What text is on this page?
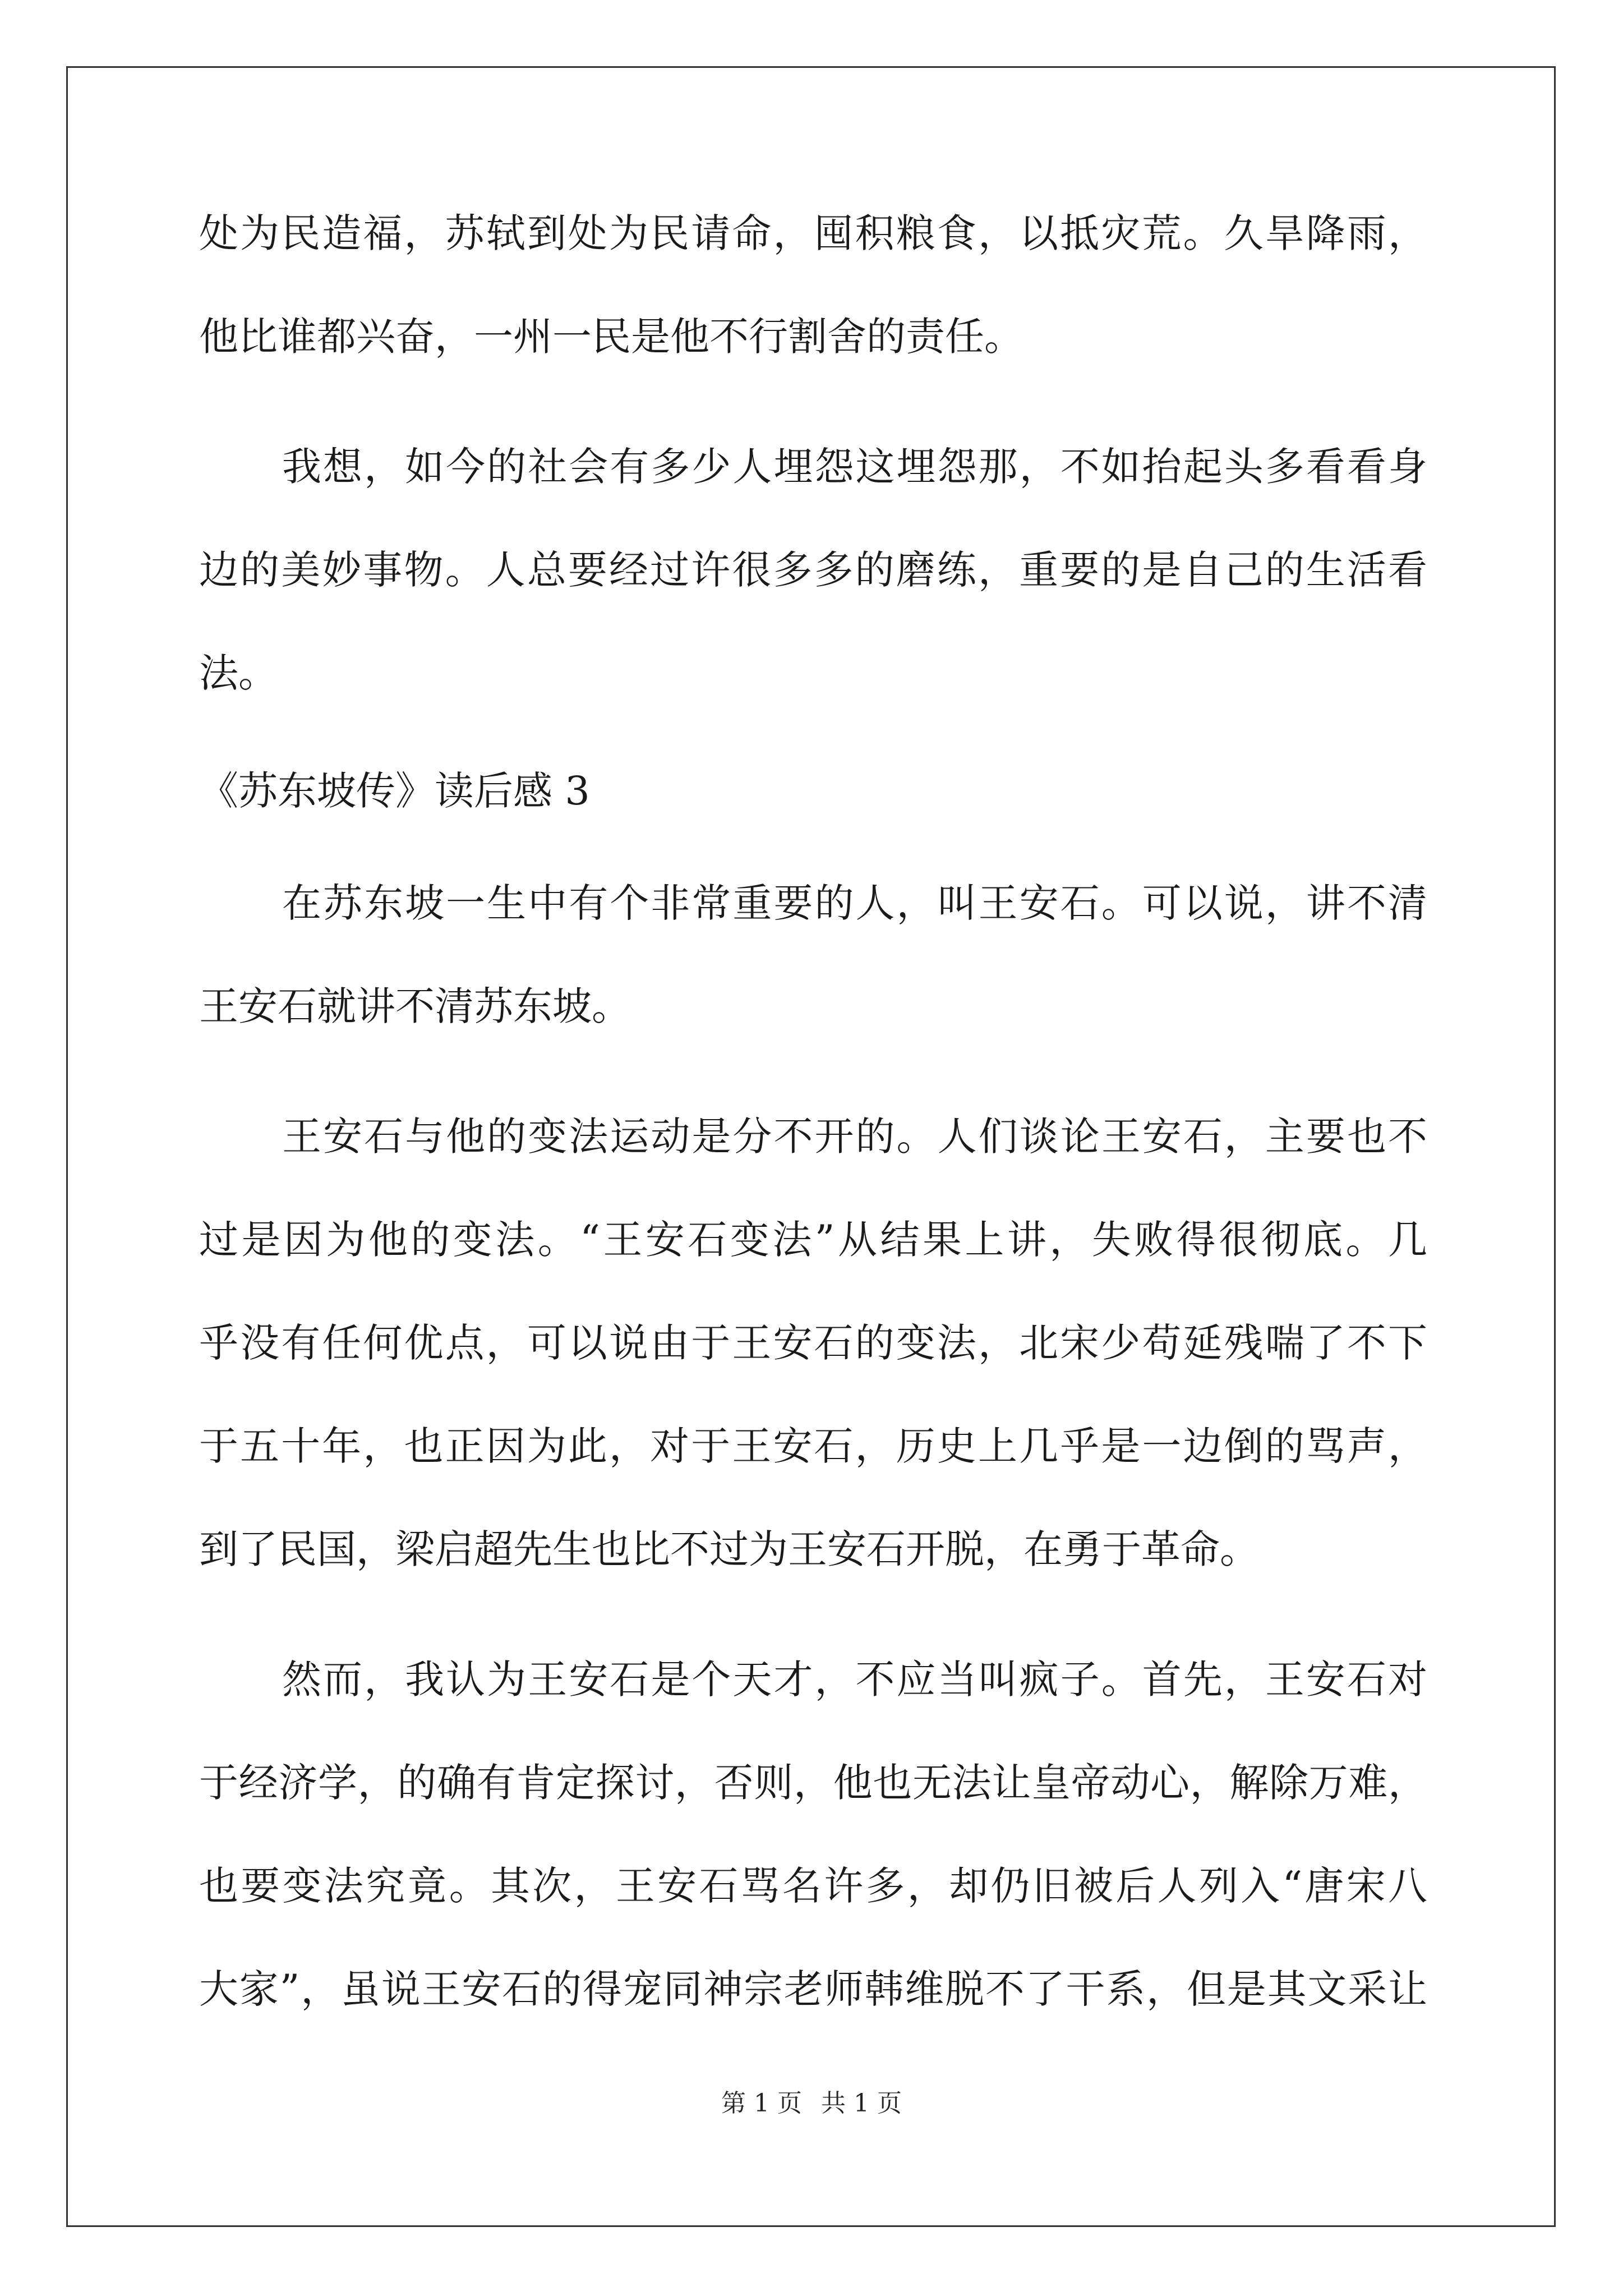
处为民造福，苏轼到处为民请命，囤积粮食，以抵灾荒。久旱降雨，
他比谁都兴奋，一州一民是他不行割舍的责任。
我想，如今的社会有多少人埋怨这埋怨那，不如抬起头多看看身
边的美妙事物。人总要经过许很多多的磨练，重要的是自己的生活看
法。
《苏东坡传》读后感 3
在苏东坡一生中有个非常重要的人，叫王安石。可以说，讲不清
王安石就讲不清苏东坡。
王安石与他的变法运动是分不开的。人们谈论王安石，主要也不
过是因为他的变法。“王安石变法”从结果上讲，失败得很彻底。几
乎没有任何优点，可以说由于王安石的变法，北宋少苟延残喘了不下
于五十年，也正因为此，对于王安石，历史上几乎是一边倒的骂声，
到了民国，梁启超先生也比不过为王安石开脱，在勇于革命。
然而，我认为王安石是个天才，不应当叫疯子。首先，王安石对
于经济学，的确有肯定探讨，否则，他也无法让皇帝动心，解除万难，
也要变法究竟。其次，王安石骂名许多，却仍旧被后人列入“唐宋八
大家”，虽说王安石的得宠同神宗老师韩维脱不了干系，但是其文采让
第 1 页 共 1 页
